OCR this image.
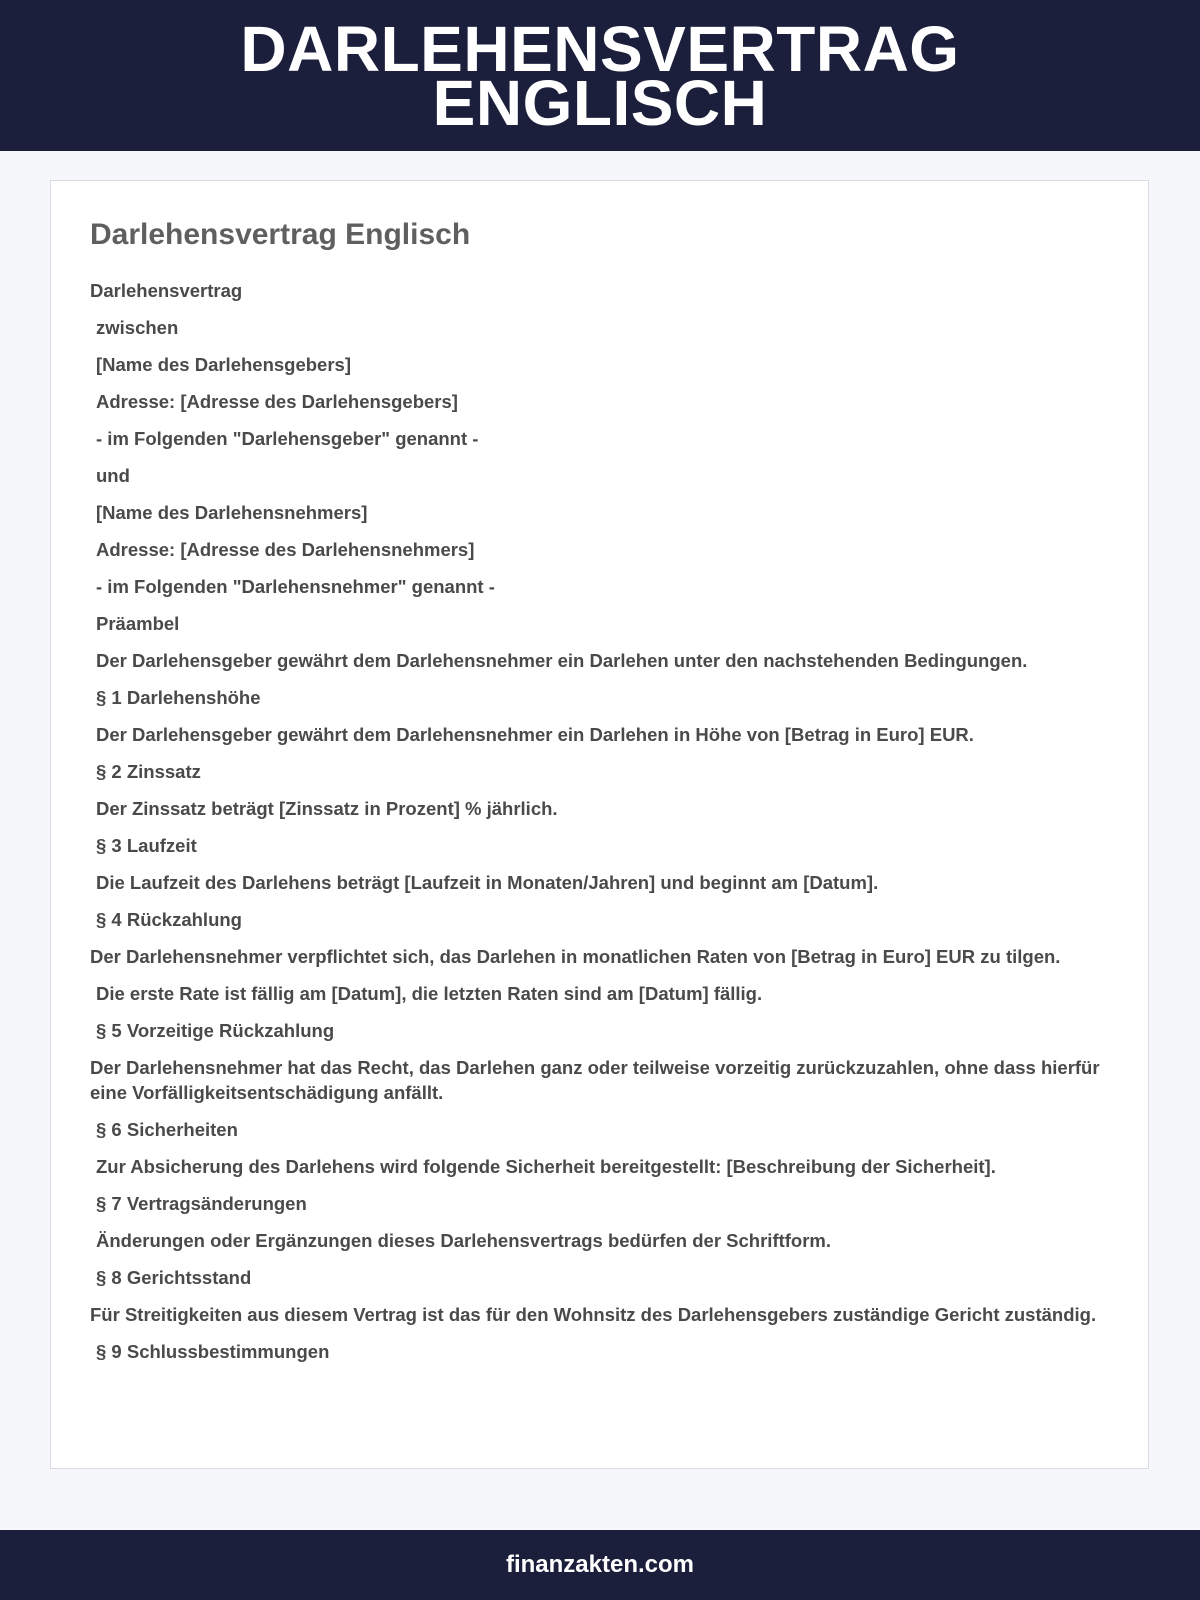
DARLEHENSVERTRAG ENGLISCH
Darlehensvertrag Englisch

Darlehensvertrag

zwischen

[Name des Darlehensgebers]

Adresse: [Adresse des Darlehensgebers]

- im Folgenden "Darlehensgeber" genannt -

und

[Name des Darlehensnehmers]

Adresse: [Adresse des Darlehensnehmers]

- im Folgenden "Darlehensnehmer" genannt -

Präambel

Der Darlehensgeber gewährt dem Darlehensnehmer ein Darlehen unter den nachstehenden Bedingungen.

§ 1 Darlehenshöhe

Der Darlehensgeber gewährt dem Darlehensnehmer ein Darlehen in Höhe von [Betrag in Euro] EUR.

§ 2 Zinssatz

Der Zinssatz beträgt [Zinssatz in Prozent] % jährlich.

§ 3 Laufzeit

Die Laufzeit des Darlehens beträgt [Laufzeit in Monaten/Jahren] und beginnt am [Datum].

§ 4 Rückzahlung

Der Darlehensnehmer verpflichtet sich, das Darlehen in monatlichen Raten von [Betrag in Euro] EUR zu tilgen.

Die erste Rate ist fällig am [Datum], die letzten Raten sind am [Datum] fällig.

§ 5 Vorzeitige Rückzahlung

Der Darlehensnehmer hat das Recht, das Darlehen ganz oder teilweise vorzeitig zurückzuzahlen, ohne dass hierfür eine Vorfälligkeitsentschädigung anfällt.

§ 6 Sicherheiten

Zur Absicherung des Darlehens wird folgende Sicherheit bereitgestellt: [Beschreibung der Sicherheit].

§ 7 Vertragsänderungen

Änderungen oder Ergänzungen dieses Darlehensvertrags bedürfen der Schriftform.

§ 8 Gerichtsstand

Für Streitigkeiten aus diesem Vertrag ist das für den Wohnsitz des Darlehensgebers zuständige Gericht zuständig.

§ 9 Schlussbestimmungen

finanzakten.com
